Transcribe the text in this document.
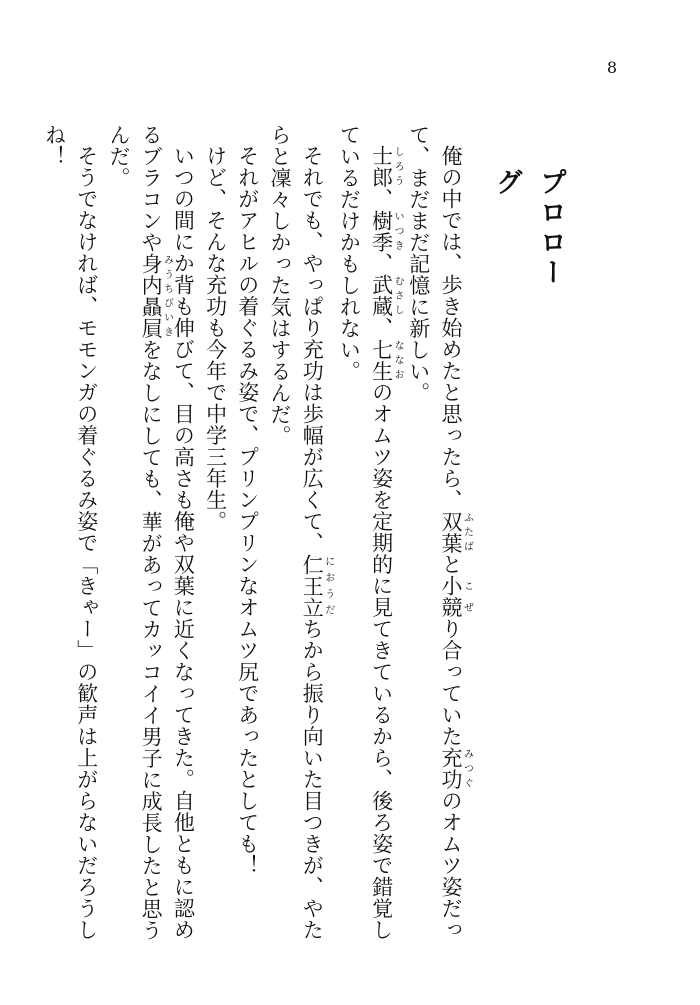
8
プロローグ

俺の中では、歩き始めたと思ったら、双葉ふたばと小競こぜり合っていた充功みつぐのオムツ姿だって、まだまだ記憶に新しい。

士郎しろう、樹季いつき、武蔵むさし、七生ななおのオムツ姿を定期的に見てきているから、後ろ姿で錯覚しているだけかもしれない。

それでも、やっぱり充功は歩幅が広くて、仁王立におうだちから振り向いた目つきが、やたらと凜々しかった気はするんだ。

それがアヒルの着ぐるみ姿で、プリンプリンなオムツ尻であったとしても！

けど、そんな充功も今年で中学三年生。

いつの間にか背も伸びて、目の高さも俺や双葉に近くなってきた。自他ともに認めるブラコンや身内贔屓みうちびいきをなしにしても、華があってカッコイイ男子に成長したと思うんだ。

そうでなければ、モモンガの着ぐるみ姿で「きゃー」の歓声は上がらないだろうしね！
